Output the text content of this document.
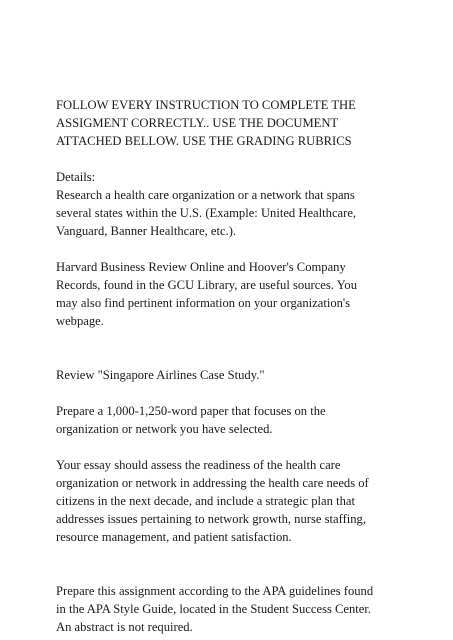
FOLLOW EVERY INSTRUCTION TO COMPLETE THE
ASSIGMENT CORRECTLY.. USE THE DOCUMENT
ATTACHED BELLOW. USE THE GRADING RUBRICS

Details:
Research a health care organization or a network that spans
several states within the U.S. (Example: United Healthcare,
Vanguard, Banner Healthcare, etc.).

Harvard Business Review Online and Hoover's Company
Records, found in the GCU Library, are useful sources. You
may also find pertinent information on your organization's
webpage.

Review "Singapore Airlines Case Study."

Prepare a 1,000-1,250-word paper that focuses on the
organization or network you have selected.

Your essay should assess the readiness of the health care
organization or network in addressing the health care needs of
citizens in the next decade, and include a strategic plan that
addresses issues pertaining to network growth, nurse staffing,
resource management, and patient satisfaction.

Prepare this assignment according to the APA guidelines found
in the APA Style Guide, located in the Student Success Center.
An abstract is not required.
